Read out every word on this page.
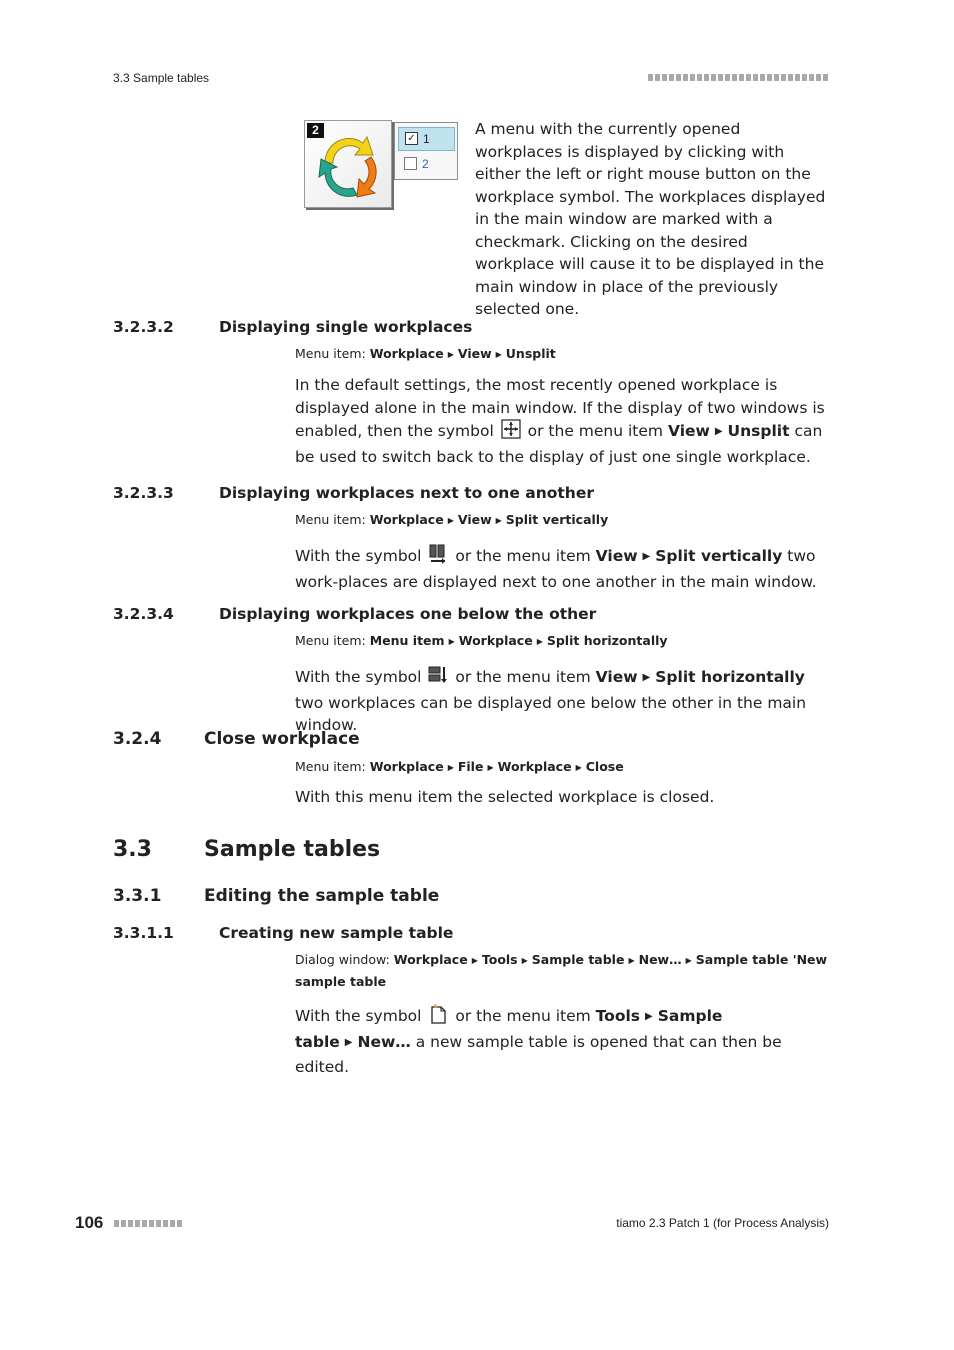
3.3 Sample tables
2
✓ 1
2
A menu with the currently opened workplaces is displayed by clicking with either the left or right mouse button on the workplace symbol. The workplaces displayed in the main window are marked with a checkmark. Clicking on the desired workplace will cause it to be displayed in the main window in place of the previously selected one.
3.2.3.2	Displaying single workplaces
Menu item: Workplace ▶ View ▶ Unsplit
In the default settings, the most recently opened workplace is displayed alone in the main window. If the display of two windows is enabled, then the symbol or the menu item View ▶ Unsplit can be used to switch back to the display of just one single workplace.
3.2.3.3	Displaying workplaces next to one another
Menu item: Workplace ▶ View ▶ Split vertically
With the symbol or the menu item View ▶ Split vertically two work-places are displayed next to one another in the main window.
3.2.3.4	Displaying workplaces one below the other
Menu item: Menu item ▶ Workplace ▶ Split horizontally
With the symbol or the menu item View ▶ Split horizontally two workplaces can be displayed one below the other in the main window.
3.2.4	Close workplace
Menu item: Workplace ▶ File ▶ Workplace ▶ Close
With this menu item the selected workplace is closed.
3.3 Sample tables
3.3.1	Editing the sample table
3.3.1.1	Creating new sample table
Dialog window: Workplace ▶ Tools ▶ Sample table ▶ New… ▶ Sample table 'New sample table
With the symbol or the menu item Tools ▶ Sample table ▶ New… a new sample table is opened that can then be edited.
106	tiamo 2.3 Patch 1 (for Process Analysis)
